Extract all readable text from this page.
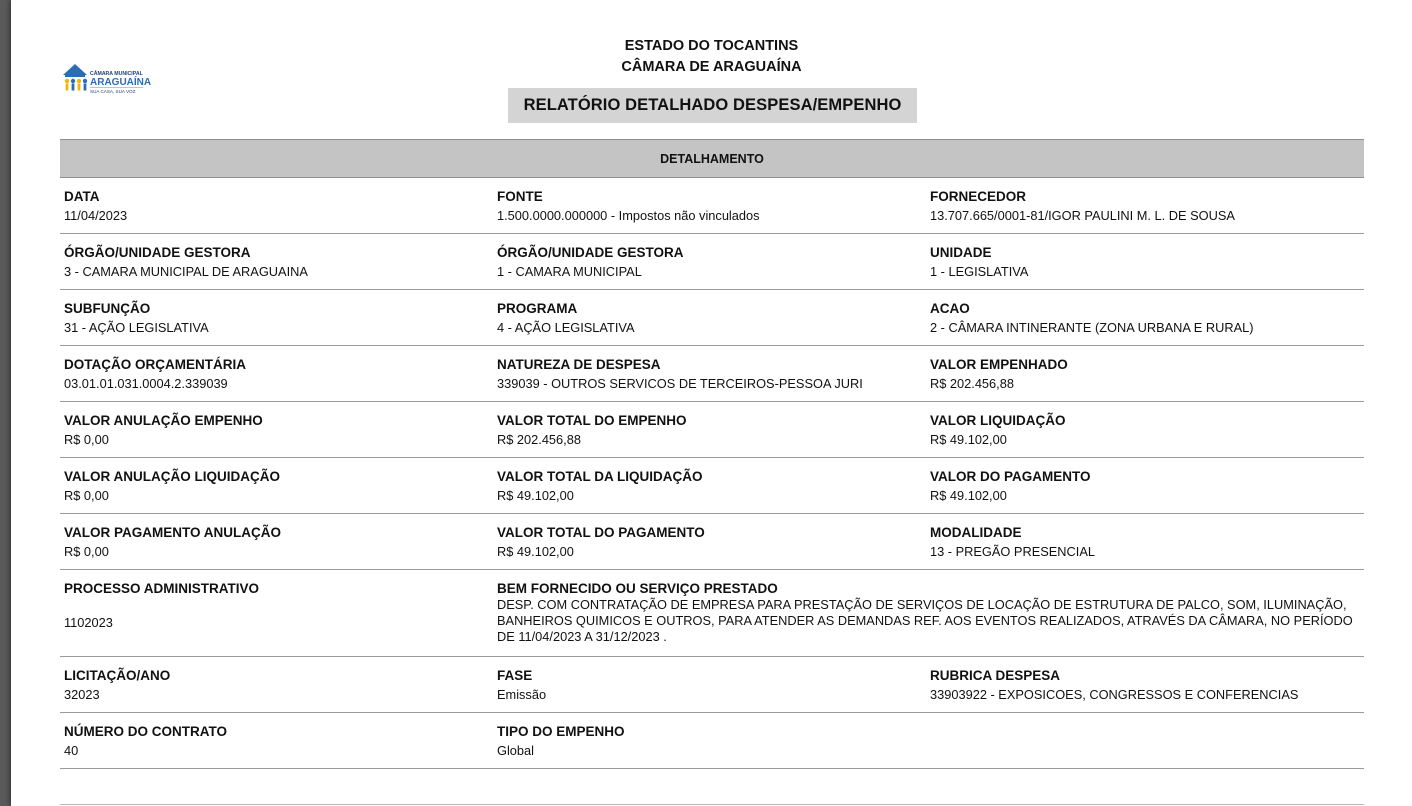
CÂMARA MUNICIPAL
ARAGUAÍNA
SUA CASA, SUA VOZ
ESTADO DO TOCANTINS
CÂMARA DE ARAGUAÍNA
RELATÓRIO DETALHADO DESPESA/EMPENHO
DETALHAMENTO
DATA
11/04/2023
FONTE
1.500.0000.000000 - Impostos não vinculados
FORNECEDOR
13.707.665/0001-81/IGOR PAULINI M. L. DE SOUSA
ÓRGÃO/UNIDADE GESTORA
3 - CAMARA MUNICIPAL DE ARAGUAINA
ÓRGÃO/UNIDADE GESTORA
1 - CAMARA MUNICIPAL
UNIDADE
1 - LEGISLATIVA
SUBFUNÇÃO
31 - AÇÃO LEGISLATIVA
PROGRAMA
4 - AÇÃO LEGISLATIVA
ACAO
2 - CÂMARA INTINERANTE (ZONA URBANA E RURAL)
DOTAÇÃO ORÇAMENTÁRIA
03.01.01.031.0004.2.339039
NATUREZA DE DESPESA
339039 - OUTROS SERVICOS DE TERCEIROS-PESSOA JURI
VALOR EMPENHADO
R$ 202.456,88
VALOR ANULAÇÃO EMPENHO
R$ 0,00
VALOR TOTAL DO EMPENHO
R$ 202.456,88
VALOR LIQUIDAÇÃO
R$ 49.102,00
VALOR ANULAÇÃO LIQUIDAÇÃO
R$ 0,00
VALOR TOTAL DA LIQUIDAÇÃO
R$ 49.102,00
VALOR DO PAGAMENTO
R$ 49.102,00
VALOR PAGAMENTO ANULAÇÃO
R$ 0,00
VALOR TOTAL DO PAGAMENTO
R$ 49.102,00
MODALIDADE
13 - PREGÃO PRESENCIAL
PROCESSO ADMINISTRATIVO
1102023
BEM FORNECIDO OU SERVIÇO PRESTADO
DESP. COM CONTRATAÇÃO DE EMPRESA PARA PRESTAÇÃO DE SERVIÇOS DE LOCAÇÃO DE ESTRUTURA DE PALCO, SOM, ILUMINAÇÃO, BANHEIROS QUIMICOS E OUTROS, PARA ATENDER AS DEMANDAS REF. AOS EVENTOS REALIZADOS, ATRAVÉS DA CÂMARA, NO PERÍODO DE 11/04/2023 A 31/12/2023 .
LICITAÇÃO/ANO
32023
FASE
Emissão
RUBRICA DESPESA
33903922 - EXPOSICOES, CONGRESSOS E CONFERENCIAS
NÚMERO DO CONTRATO
40
TIPO DO EMPENHO
Global
